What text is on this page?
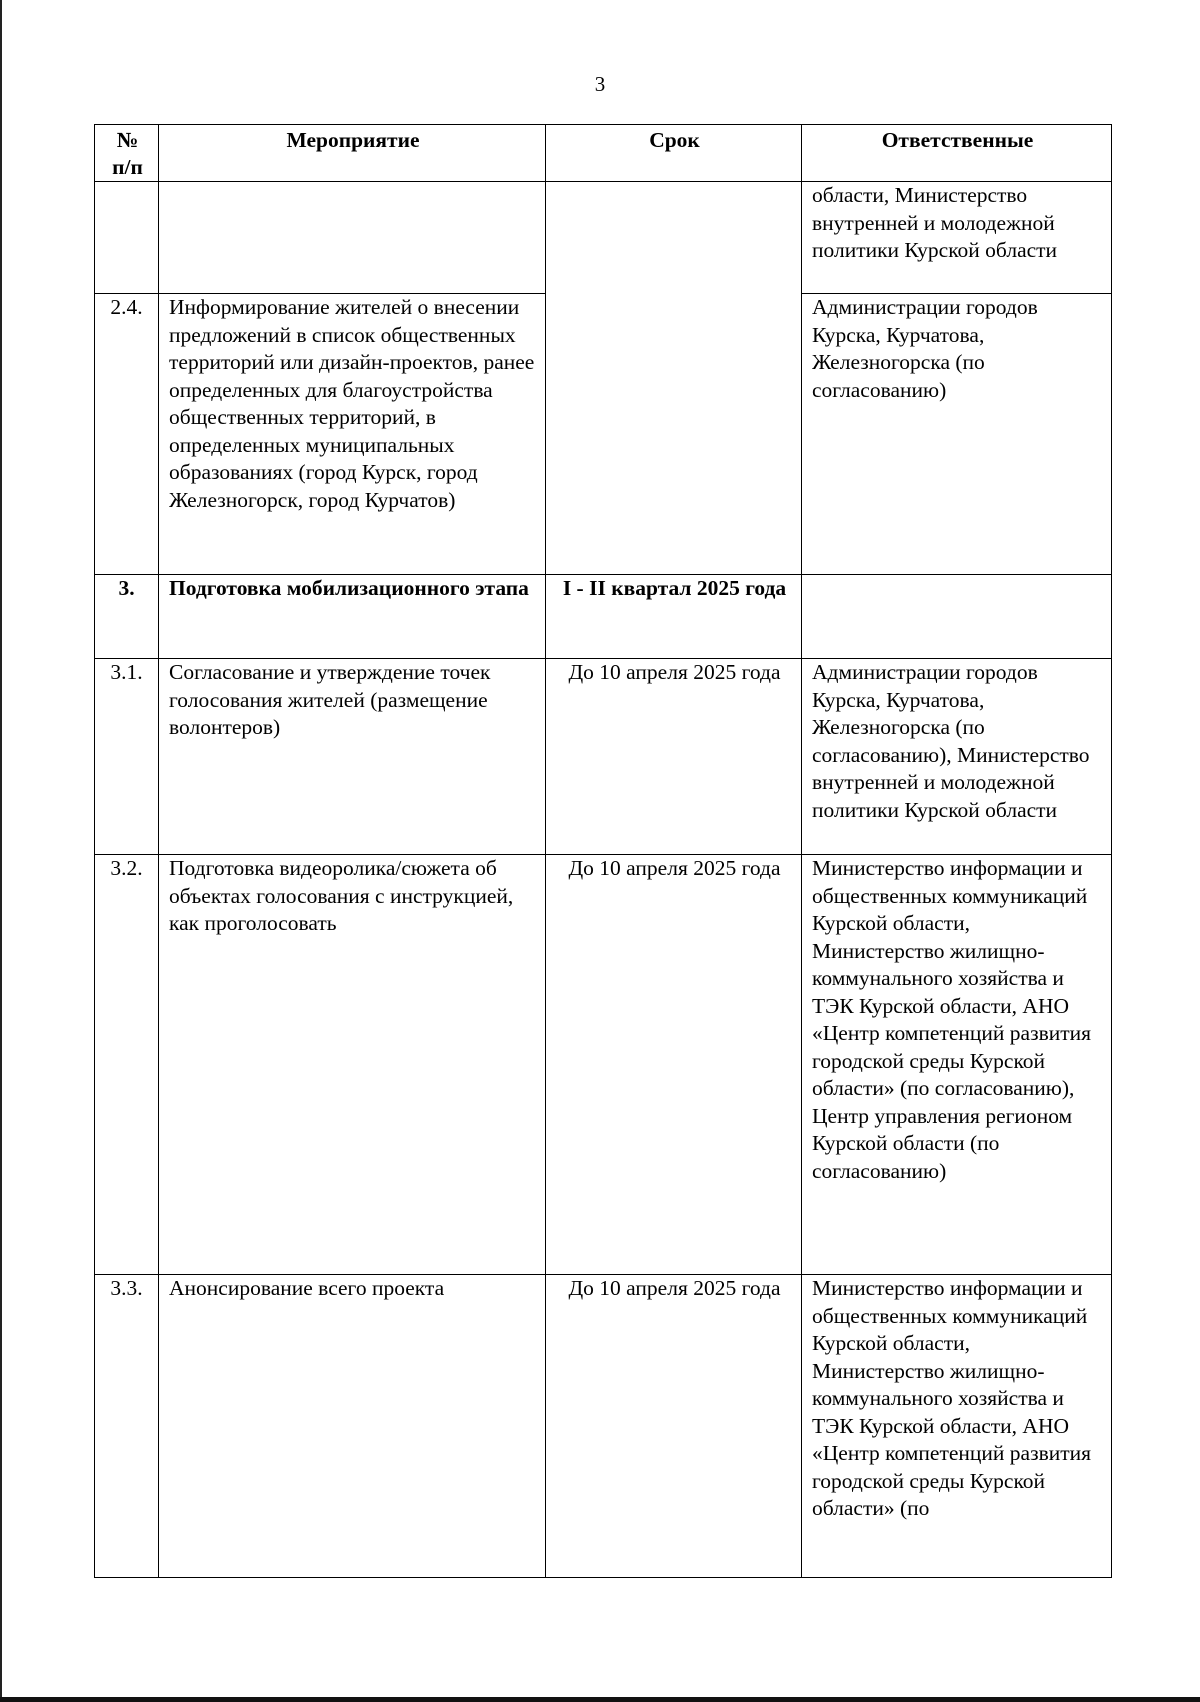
3
№
п/п	Мероприятие	Срок	Ответственные
			области, Министерство внутренней и молодежной политики Курской области
2.4.	Информирование жителей о внесении предложений в список общественных территорий или дизайн-проектов, ранее определенных для благоустройства общественных территорий, в определенных муниципальных образованиях (город Курск, город Железногорск, город Курчатов)		Администрации городов Курска, Курчатова, Железногорска (по согласованию)
3.	Подготовка мобилизационного этапа	I - II квартал 2025 года	
3.1.	Согласование и утверждение точек голосования жителей (размещение волонтеров)	До 10 апреля 2025 года	Администрации городов Курска, Курчатова, Железногорска (по согласованию), Министерство внутренней и молодежной политики Курской области
3.2.	Подготовка видеоролика/сюжета об объектах голосования с инструкцией, как проголосовать	До 10 апреля 2025 года	Министерство информации и общественных коммуникаций Курской области, Министерство жилищно-коммунального хозяйства и ТЭК Курской области, АНО «Центр компетенций развития городской среды Курской области» (по согласованию), Центр управления регионом Курской области (по согласованию)
3.3.	Анонсирование всего проекта	До 10 апреля 2025 года	Министерство информации и общественных коммуникаций Курской области, Министерство жилищно-коммунального хозяйства и ТЭК Курской области, АНО «Центр компетенций развития городской среды Курской области» (по
